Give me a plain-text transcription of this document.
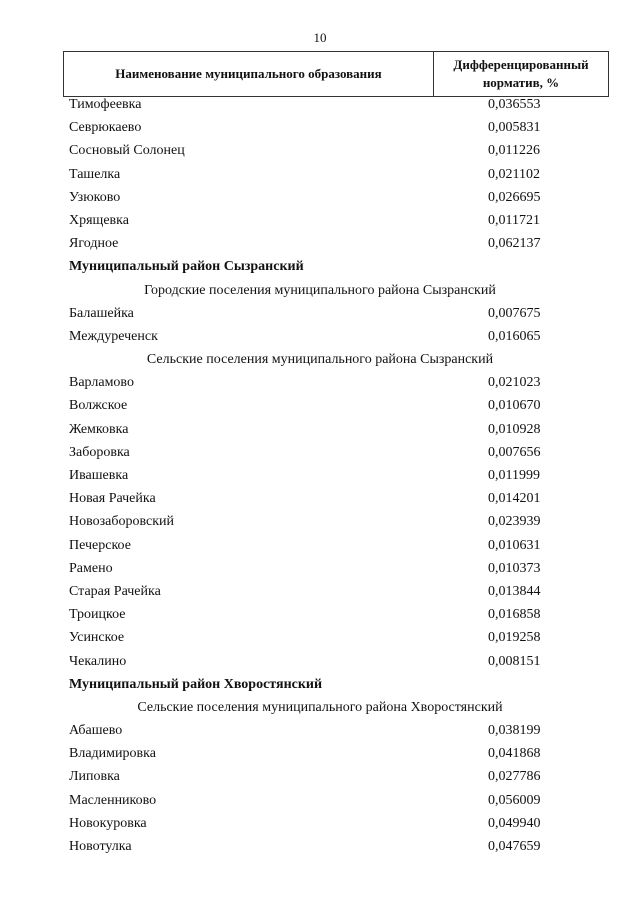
10
Наименование муниципального образования
Дифференцированный
норматив, %
Тимофеевка	0,036553
Севрюкаево	0,005831
Сосновый Солонец	0,011226
Ташелка	0,021102
Узюково	0,026695
Хрящевка	0,011721
Ягодное	0,062137
Муниципальный район Сызранский
Городские поселения муниципального района Сызранский
Балашейка	0,007675
Междуреченск	0,016065
Сельские поселения муниципального района Сызранский
Варламово	0,021023
Волжское	0,010670
Жемковка	0,010928
Заборовка	0,007656
Ивашевка	0,011999
Новая Рачейка	0,014201
Новозаборовский	0,023939
Печерское	0,010631
Рамено	0,010373
Старая Рачейка	0,013844
Троицкое	0,016858
Усинское	0,019258
Чекалино	0,008151
Муниципальный район Хворостянский
Сельские поселения муниципального района Хворостянский
Абашево	0,038199
Владимировка	0,041868
Липовка	0,027786
Масленниково	0,056009
Новокуровка	0,049940
Новотулка	0,047659
